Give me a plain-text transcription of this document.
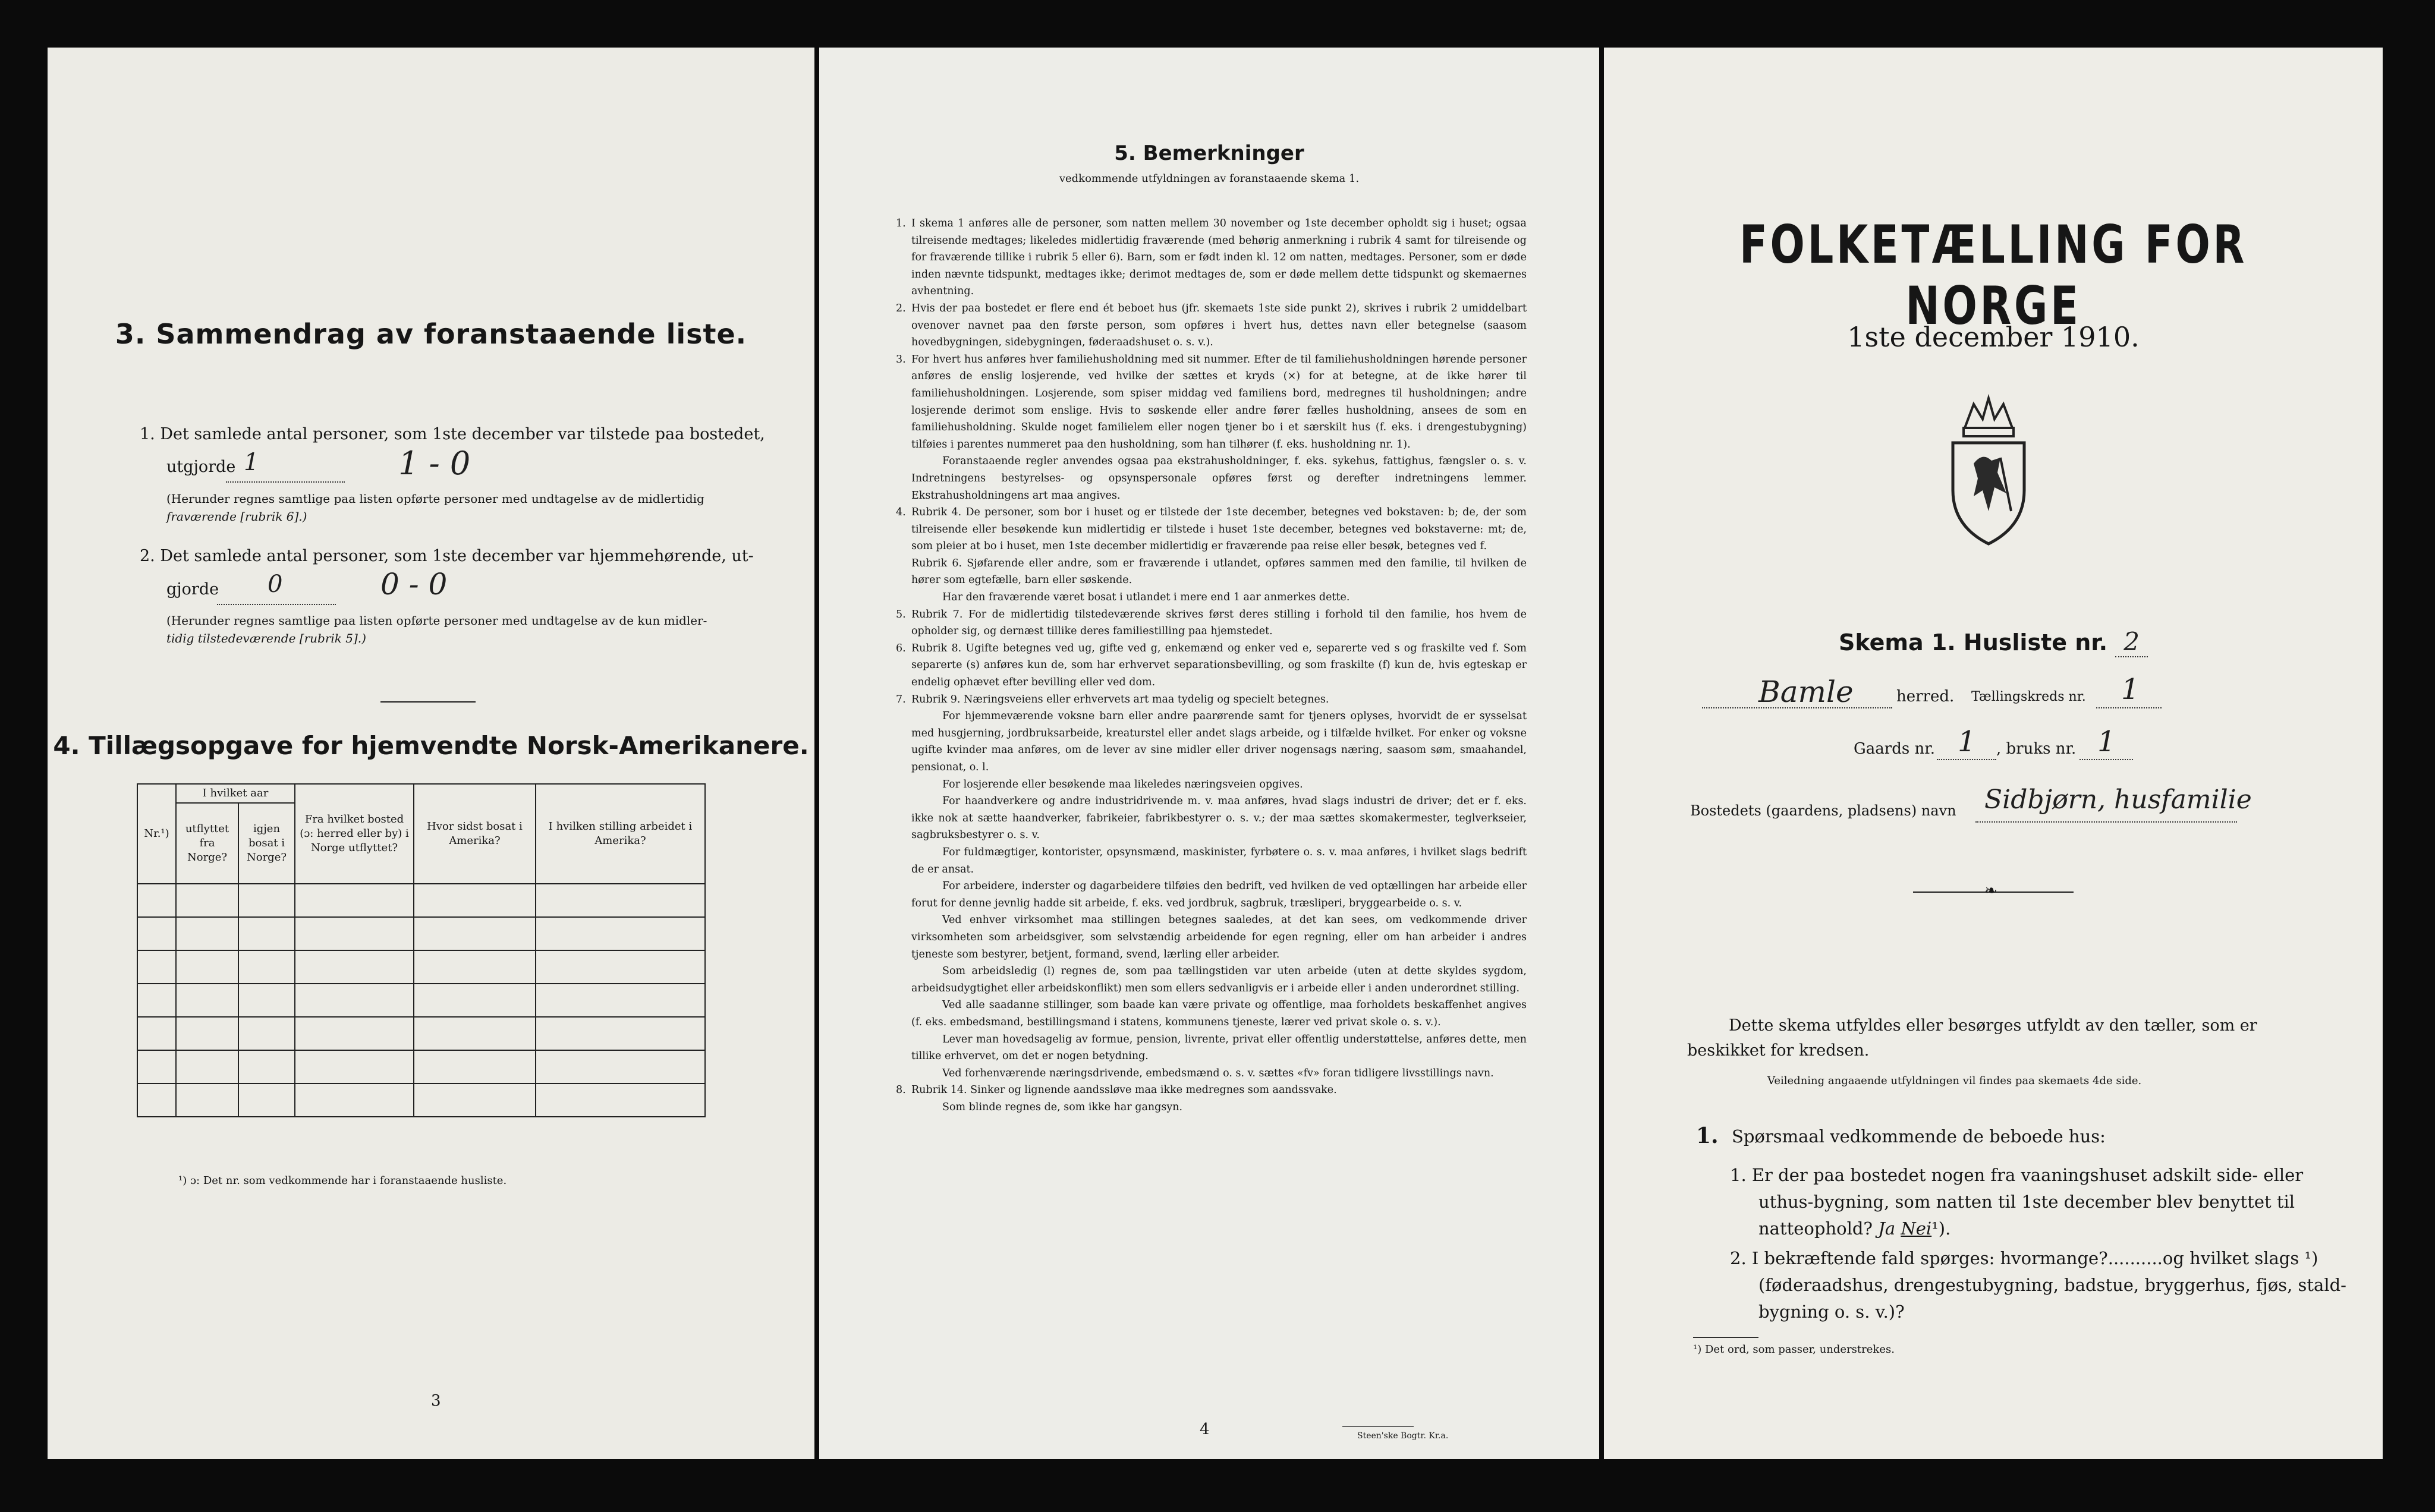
3. Sammendrag av foranstaaende liste.
1. Det samlede antal personer, som 1ste december var tilstede paa bostedet,
utgjorde 1	1 - 0
(Herunder regnes samtlige paa listen opførte personer med undtagelse av de midlertidig
fraværende [rubrik 6].)
2. Det samlede antal personer, som 1ste december var hjemmehørende, ut-
gjorde 0	0 - 0
(Herunder regnes samtlige paa listen opførte personer med undtagelse av de kun midler-
tidig tilstedeværende [rubrik 5].)
4. Tillægsopgave for hjemvendte Norsk-Amerikanere.
Nr.¹)	I hvilket aar		Fra hvilket bosted (ɔ: herred eller by) i Norge utflyttet?	Hvor sidst bosat i Amerika?	I hvilken stilling arbeidet i Amerika?
	utflyttet fra Norge?	igjen bosat i Norge?			

¹) ɔ: Det nr. som vedkommende har i foranstaaende husliste.
3
5. Bemerkninger
vedkommende utfyldningen av foranstaaende skema 1.

1. I skema 1 anføres alle de personer, som natten mellem 30 november og 1ste december opholdt sig i huset; ogsaa tilreisende medtages; likeledes midlertidig fraværende (med behørig anmerkning i rubrik 4 samt for tilreisende og for fraværende tillike i rubrik 5 eller 6). Barn, som er født inden kl. 12 om natten, medtages. Personer, som er døde inden nævnte tidspunkt, medtages ikke; derimot medtages de, som er døde mellem dette tidspunkt og skemaernes avhentning.

2. Hvis der paa bostedet er flere end ét beboet hus (jfr. skemaets 1ste side punkt 2), skrives i rubrik 2 umiddelbart ovenover navnet paa den første person, som opføres i hvert hus, dettes navn eller betegnelse (saasom hovedbygningen, sidebygningen, føderaadshuset o. s. v.).

3. For hvert hus anføres hver familiehusholdning med sit nummer. Efter de til familiehusholdningen hørende personer anføres de enslig losjerende, ved hvilke der sættes et kryds (×) for at betegne, at de ikke hører til familiehusholdningen. Losjerende, som spiser middag ved familiens bord, medregnes til husholdningen; andre losjerende derimot som enslige. Hvis to søskende eller andre fører fælles husholdning, ansees de som en familiehusholdning. Skulde noget familielem eller nogen tjener bo i et særskilt hus (f. eks. i drengestubygning) tilføies i parentes nummeret paa den husholdning, som han tilhører (f. eks. husholdning nr. 1).

Foranstaaende regler anvendes ogsaa paa ekstrahusholdninger, f. eks. sykehus, fattighus, fængsler o. s. v. Indretningens bestyrelses- og opsynspersonale opføres først og derefter indretningens lemmer. Ekstrahusholdningens art maa angives.

4. Rubrik 4. De personer, som bor i huset og er tilstede der 1ste december, betegnes ved bokstaven: b; de, der som tilreisende eller besøkende kun midlertidig er tilstede i huset 1ste december, betegnes ved bokstaverne: mt; de, som pleier at bo i huset, men 1ste december midlertidig er fraværende paa reise eller besøk, betegnes ved f.

Rubrik 6. Sjøfarende eller andre, som er fraværende i utlandet, opføres sammen med den familie, til hvilken de hører som egtefælle, barn eller søskende.

Har den fraværende været bosat i utlandet i mere end 1 aar anmerkes dette.

5. Rubrik 7. For de midlertidig tilstedeværende skrives først deres stilling i forhold til den familie, hos hvem de opholder sig, og dernæst tillike deres familiestilling paa hjemstedet.

6. Rubrik 8. Ugifte betegnes ved ug, gifte ved g, enkemænd og enker ved e, separerte ved s og fraskilte ved f. Som separerte (s) anføres kun de, som har erhvervet separationsbevilling, og som fraskilte (f) kun de, hvis egteskap er endelig ophævet efter bevilling eller ved dom.

7. Rubrik 9. Næringsveiens eller erhvervets art maa tydelig og specielt betegnes.

For hjemmeværende voksne barn eller andre paarørende samt for tjeners oplyses, hvorvidt de er sysselsat med husgjerning, jordbruksarbeide, kreaturstel eller andet slags arbeide, og i tilfælde hvilket. For enker og voksne ugifte kvinder maa anføres, om de lever av sine midler eller driver nogensags næring, saasom søm, smaahandel, pensionat, o. l.

For losjerende eller besøkende maa likeledes næringsveien opgives.

For haandverkere og andre industridrivende m. v. maa anføres, hvad slags industri de driver; det er f. eks. ikke nok at sætte haandverker, fabrikeier, fabrikbestyrer o. s. v.; der maa sættes skomakermester, teglverkseier, sagbruksbestyrer o. s. v.

For fuldmægtiger, kontorister, opsynsmænd, maskinister, fyrbøtere o. s. v. maa anføres, i hvilket slags bedrift de er ansat.

For arbeidere, inderster og dagarbeidere tilføies den bedrift, ved hvilken de ved optællingen har arbeide eller forut for denne jevnlig hadde sit arbeide, f. eks. ved jordbruk, sagbruk, træsliperi, bryggearbeide o. s. v.

Ved enhver virksomhet maa stillingen betegnes saaledes, at det kan sees, om vedkommende driver virksomheten som arbeidsgiver, som selvstændig arbeidende for egen regning, eller om han arbeider i andres tjeneste som bestyrer, betjent, formand, svend, lærling eller arbeider.

Som arbeidsledig (l) regnes de, som paa tællingstiden var uten arbeide (uten at dette skyldes sygdom, arbeidsudygtighet eller arbeidskonflikt) men som ellers sedvanligvis er i arbeide eller i anden underordnet stilling.

Ved alle saadanne stillinger, som baade kan være private og offentlige, maa forholdets beskaffenhet angives (f. eks. embedsmand, bestillingsmand i statens, kommunens tjeneste, lærer ved privat skole o. s. v.).

Lever man hovedsagelig av formue, pension, livrente, privat eller offentlig understøttelse, anføres dette, men tillike erhvervet, om det er nogen betydning.

Ved forhenværende næringsdrivende, embedsmænd o. s. v. sættes «fv» foran tidligere livsstillings navn.

8. Rubrik 14. Sinker og lignende aandssløve maa ikke medregnes som aandssvake.

Som blinde regnes de, som ikke har gangsyn.

4	Steen'ske Bogtr. Kr.a.
FOLKETÆLLING FOR NORGE
1ste december 1910.
Skema 1. Husliste nr. 2
Bamle	herred. Tællingskreds nr. 1
Gaards nr. 1 , bruks nr. 1
Bostedets (gaardens, pladsens) navn Sidbjørn, husfamilie
❧
Dette skema utfyldes eller besørges utfyldt av den tæller, som er
beskikket for kredsen.
Veiledning angaaende utfyldningen vil findes paa skemaets 4de side.
1. Spørsmaal vedkommende de beboede hus:
1. Er der paa bostedet nogen fra vaaningshuset adskilt side- eller
uthus-bygning, som natten til 1ste december blev benyttet til
natteophold? Ja Nei¹).
2. I bekræftende fald spørges: hvormange?..........og hvilket slags ¹)
(føderaadshus, drengestubygning, badstue, bryggerhus, fjøs, stald-
bygning o. s. v.)?
¹) Det ord, som passer, understrekes.
